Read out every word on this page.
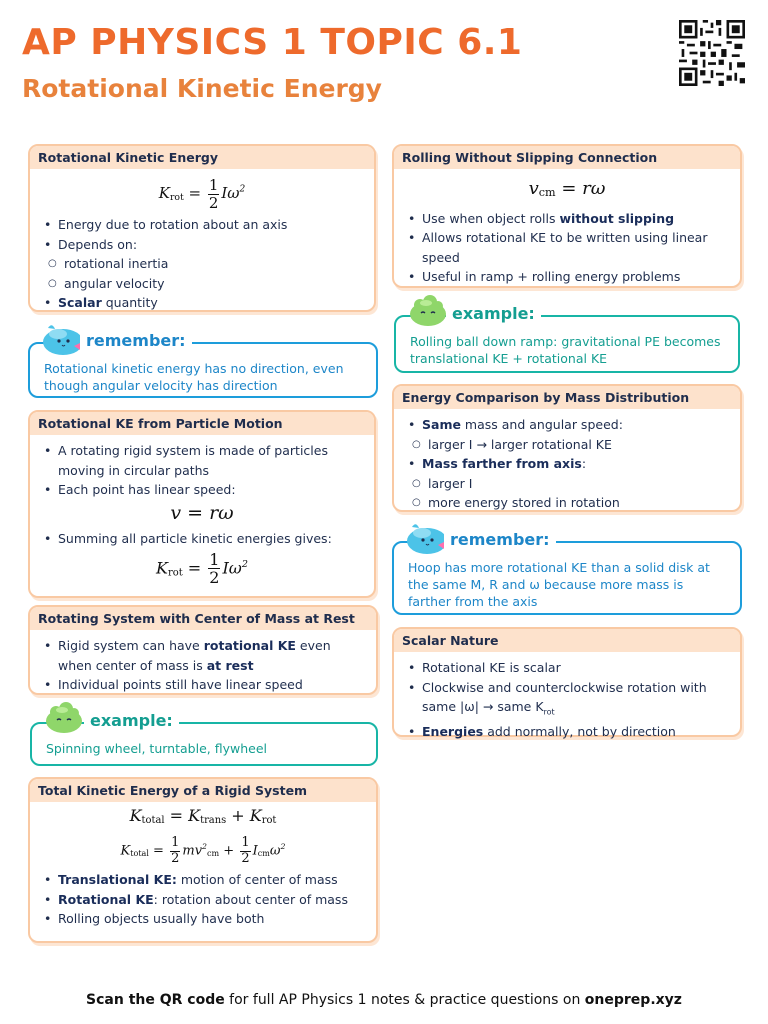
AP PHYSICS 1 TOPIC 6.1
Rotational Kinetic Energy
Rotational Kinetic Energy
Krot = $\frac{1}{2} I\omega^2$
• Energy due to rotation about an axis
• Depends on:
○ rotational inertia
○ angular velocity
• Scalar quantity
remember:
Rotational kinetic energy has no direction, even though angular velocity has direction
Rotational KE from Particle Motion
• A rotating rigid system is made of particles moving in circular paths
• Each point has linear speed:
v = rω
• Summing all particle kinetic energies gives:
$K_{rot} = \frac{1}{2} I\omega^2$
Rotating System with Center of Mass at Rest
• Rigid system can have rotational KE even when center of mass is at rest
• Individual points still have linear speed
example:
Spinning wheel, turntable, flywheel
Total Kinetic Energy of a Rigid System
$K_{total} = K_{trans} + K_{rot}$
$K_{total} = \frac{1}{2} mv^2_{cm} + \frac{1}{2} I_{cm}\omega^2$
• Translational KE: motion of center of mass
• Rotational KE: rotation about center of mass
• Rolling objects usually have both
Rolling Without Slipping Connection
$v_{cm} = r\omega$
• Use when object rolls without slipping
• Allows rotational KE to be written using linear speed
• Useful in ramp + rolling energy problems
example:
Rolling ball down ramp: gravitational PE becomes translational KE + rotational KE
Energy Comparison by Mass Distribution
• Same mass and angular speed:
○ larger I → larger rotational KE
• Mass farther from axis:
○ larger I
○ more energy stored in rotation
remember:
Hoop has more rotational KE than a solid disk at the same M, R and ω because more mass is farther from the axis
Scalar Nature
• Rotational KE is scalar
• Clockwise and counterclockwise rotation with same |ω| → same $K_{rot}$
• Energies add normally, not by direction
Scan the QR code for full AP Physics 1 notes & practice questions on oneprep.xyz
